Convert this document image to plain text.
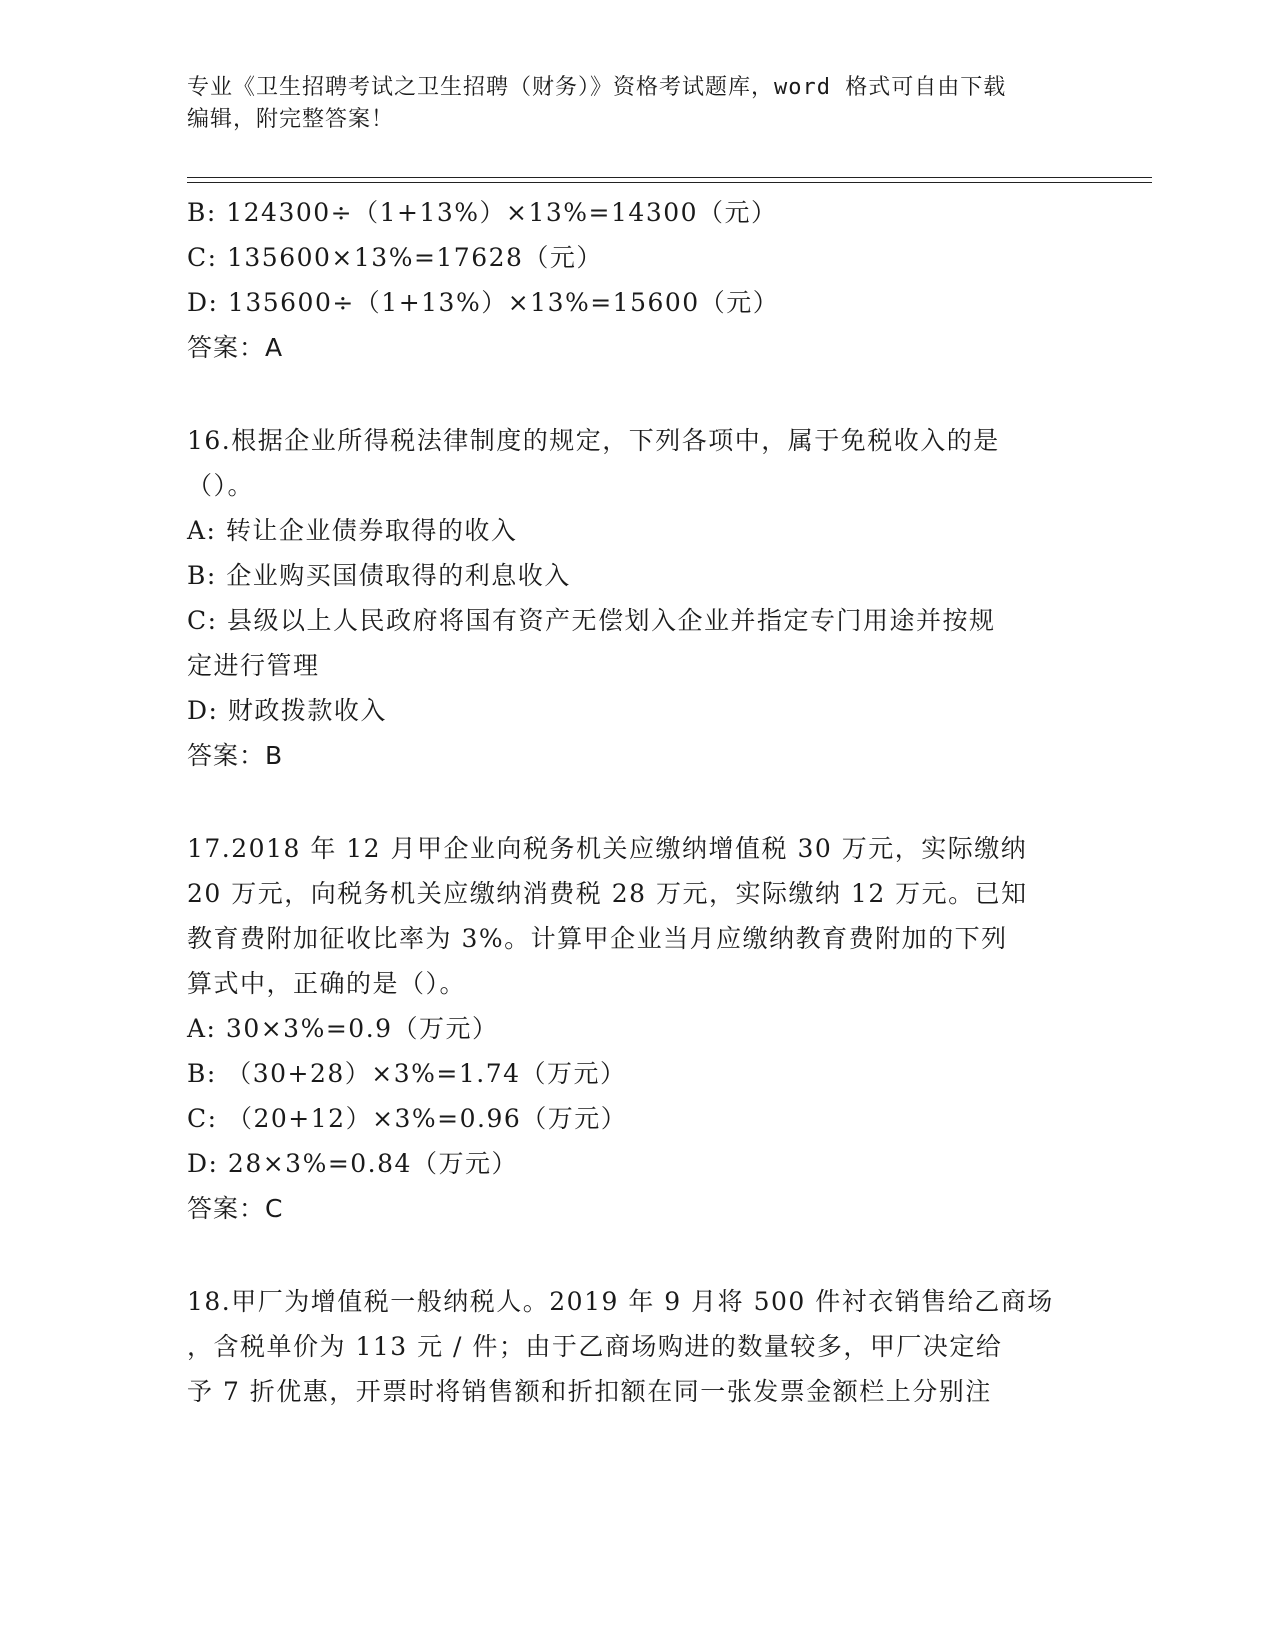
专业《卫生招聘考试之卫生招聘（财务）》资格考试题库，word 格式可自由下载
编辑，附完整答案！
B: 124300÷（1+13%）×13%=14300（元）
C: 135600×13%=17628（元）
D: 135600÷（1+13%）×13%=15600（元）
答案：A
16.根据企业所得税法律制度的规定，下列各项中，属于免税收入的是
（）。
A: 转让企业债券取得的收入
B: 企业购买国债取得的利息收入
C: 县级以上人民政府将国有资产无偿划入企业并指定专门用途并按规
定进行管理
D: 财政拨款收入
答案：B
17.2018 年 12 月甲企业向税务机关应缴纳增值税 30 万元，实际缴纳
20 万元，向税务机关应缴纳消费税 28 万元，实际缴纳 12 万元。已知
教育费附加征收比率为 3%。计算甲企业当月应缴纳教育费附加的下列
算式中，正确的是（）。
A: 30×3%=0.9（万元）
B: （30+28）×3%=1.74（万元）
C: （20+12）×3%=0.96（万元）
D: 28×3%=0.84（万元）
答案：C
18.甲厂为增值税一般纳税人。2019 年 9 月将 500 件衬衣销售给乙商场
，含税单价为 113 元 / 件；由于乙商场购进的数量较多，甲厂决定给
予 7 折优惠，开票时将销售额和折扣额在同一张发票金额栏上分别注
